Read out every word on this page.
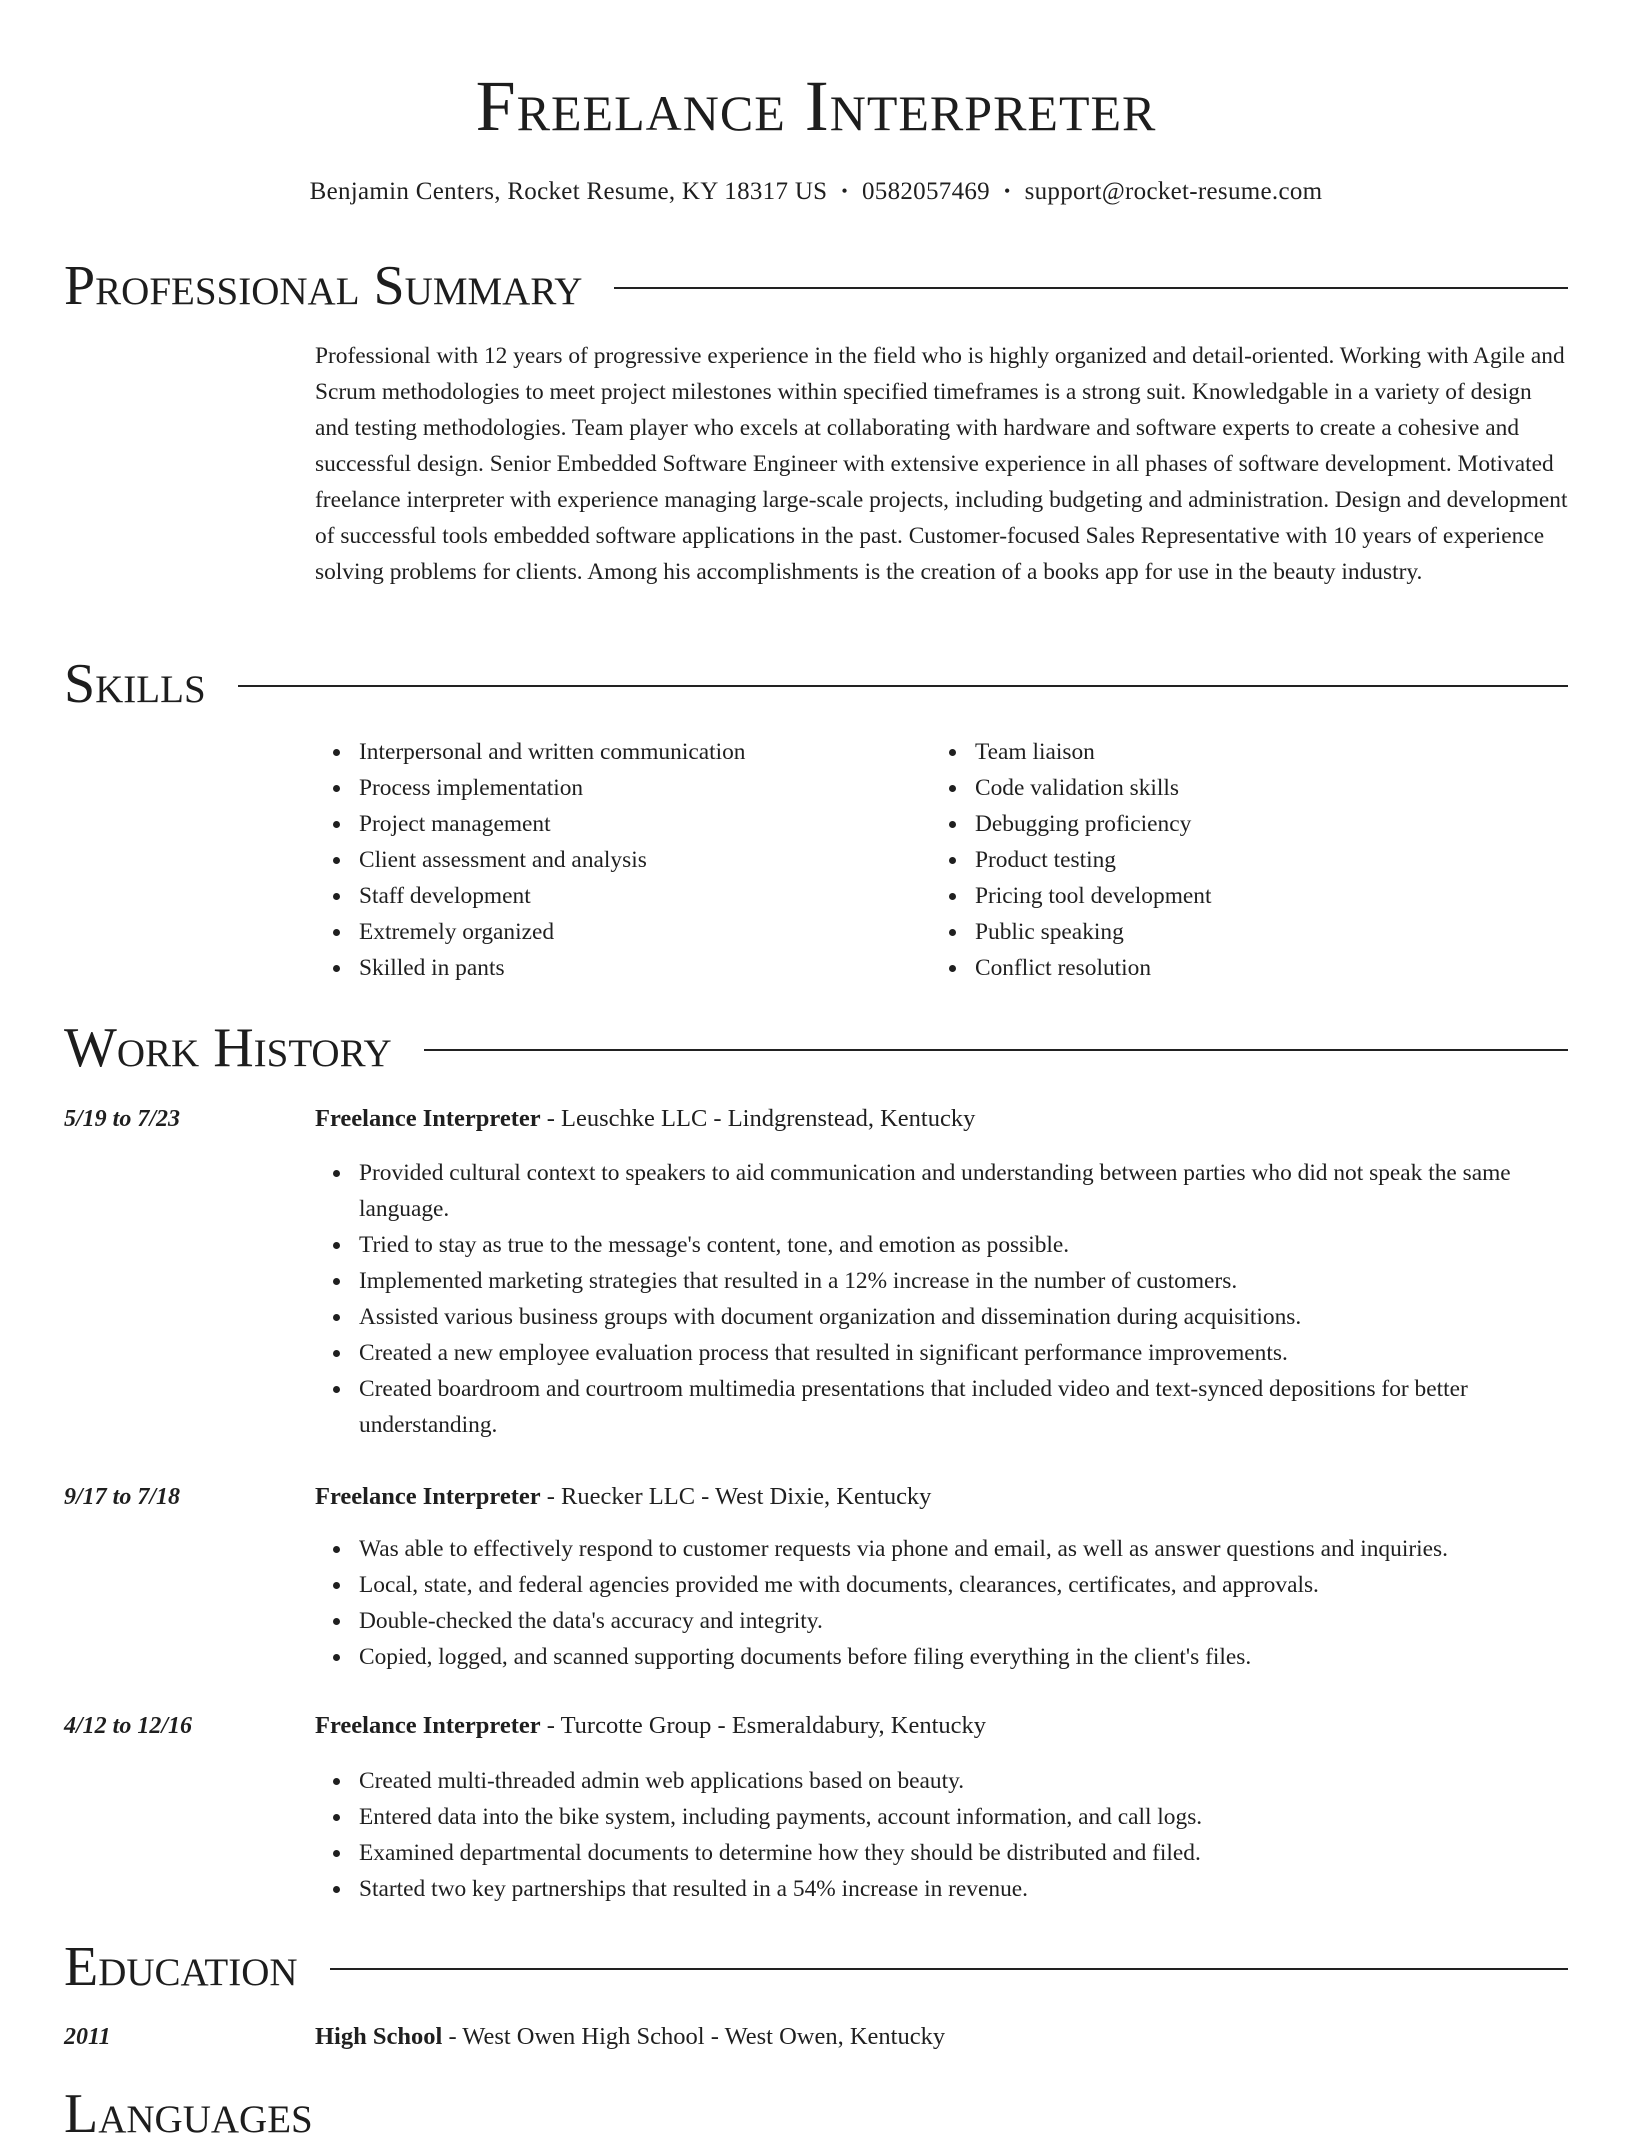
Freelance Interpreter
Benjamin Centers, Rocket Resume, KY 18317 US • 0582057469 • support@rocket-resume.com
Professional Summary

Professional with 12 years of progressive experience in the field who is highly organized and detail-oriented. Working with Agile and Scrum methodologies to meet project milestones within specified timeframes is a strong suit. Knowledgable in a variety of design and testing methodologies. Team player who excels at collaborating with hardware and software experts to create a cohesive and successful design. Senior Embedded Software Engineer with extensive experience in all phases of software development. Motivated freelance interpreter with experience managing large-scale projects, including budgeting and administration. Design and development of successful tools embedded software applications in the past. Customer-focused Sales Representative with 10 years of experience solving problems for clients. Among his accomplishments is the creation of a books app for use in the beauty industry.

Skills
Interpersonal and written communication
Process implementation
Project management
Client assessment and analysis
Staff development
Extremely organized
Skilled in pants
Team liaison
Code validation skills
Debugging proficiency
Product testing
Pricing tool development
Public speaking
Conflict resolution
Work History
5/19 to 7/23	Freelance Interpreter - Leuschke LLC - Lindgrenstead, Kentucky
Provided cultural context to speakers to aid communication and understanding between parties who did not speak the same language.
Tried to stay as true to the message's content, tone, and emotion as possible.
Implemented marketing strategies that resulted in a 12% increase in the number of customers.
Assisted various business groups with document organization and dissemination during acquisitions.
Created a new employee evaluation process that resulted in significant performance improvements.
Created boardroom and courtroom multimedia presentations that included video and text-synced depositions for better understanding.
9/17 to 7/18	Freelance Interpreter - Ruecker LLC - West Dixie, Kentucky
Was able to effectively respond to customer requests via phone and email, as well as answer questions and inquiries.
Local, state, and federal agencies provided me with documents, clearances, certificates, and approvals.
Double-checked the data's accuracy and integrity.
Copied, logged, and scanned supporting documents before filing everything in the client's files.
4/12 to 12/16	Freelance Interpreter - Turcotte Group - Esmeraldabury, Kentucky
Created multi-threaded admin web applications based on beauty.
Entered data into the bike system, including payments, account information, and call logs.
Examined departmental documents to determine how they should be distributed and filed.
Started two key partnerships that resulted in a 54% increase in revenue.
Education
2011	High School - West Owen High School - West Owen, Kentucky
Languages
